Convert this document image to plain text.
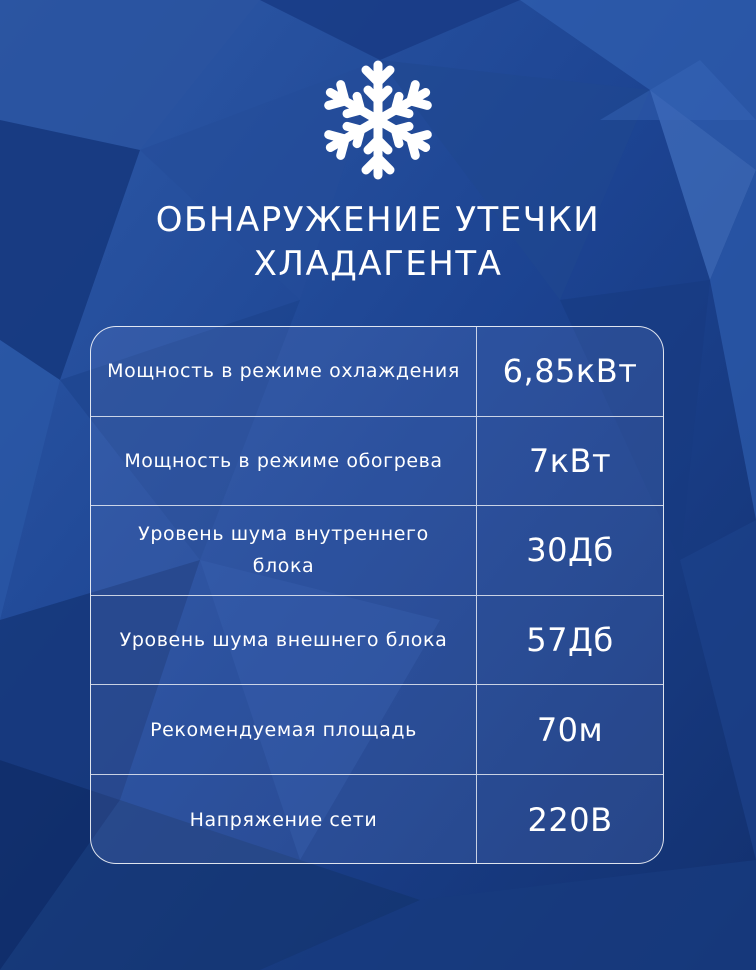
ОБНАРУЖЕНИЕ УТЕЧКИ
ХЛАДАГЕНТА
Мощность в режиме охлаждения	6,85кВт
Мощность в режиме обогрева	7кВт
Уровень шума внутреннего блока	30Дб
Уровень шума внешнего блока	57Дб
Рекомендуемая площадь	70м
Напряжение сети	220В
